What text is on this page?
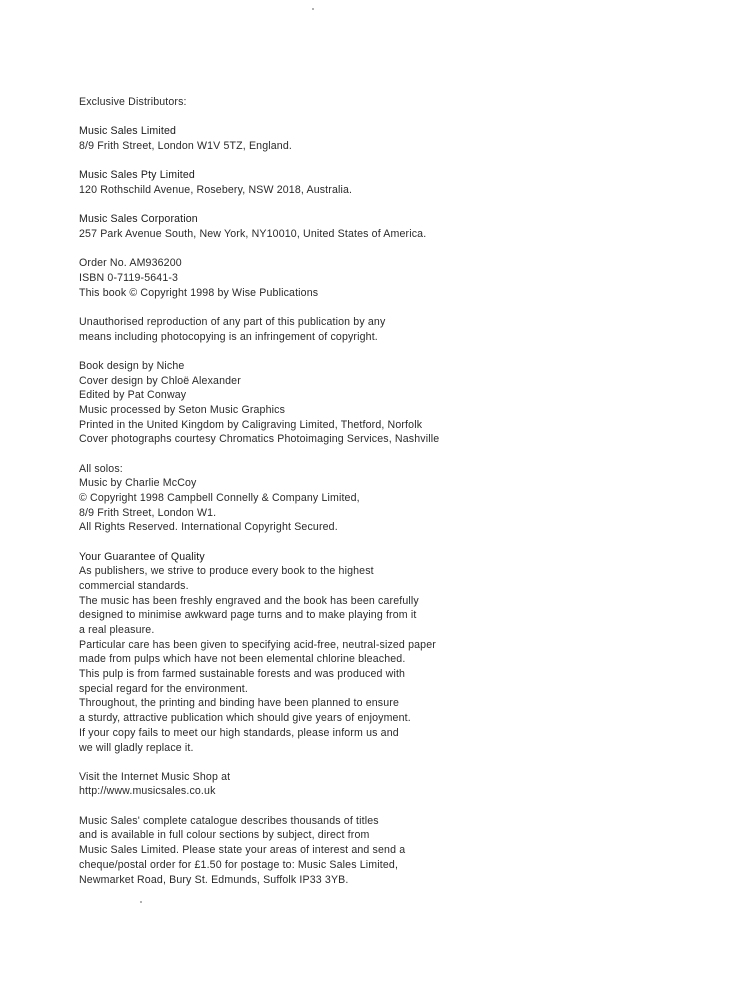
Exclusive Distributors:
Music Sales Limited
8/9 Frith Street, London W1V 5TZ, England.
Music Sales Pty Limited
120 Rothschild Avenue, Rosebery, NSW 2018, Australia.
Music Sales Corporation
257 Park Avenue South, New York, NY10010, United States of America.
Order No. AM936200
ISBN 0-7119-5641-3
This book © Copyright 1998 by Wise Publications
Unauthorised reproduction of any part of this publication by any
means including photocopying is an infringement of copyright.
Book design by Niche
Cover design by Chloë Alexander
Edited by Pat Conway
Music processed by Seton Music Graphics
Printed in the United Kingdom by Caligraving Limited, Thetford, Norfolk
Cover photographs courtesy Chromatics Photoimaging Services, Nashville
All solos:
Music by Charlie McCoy
© Copyright 1998 Campbell Connelly & Company Limited,
8/9 Frith Street, London W1.
All Rights Reserved. International Copyright Secured.
Your Guarantee of Quality
As publishers, we strive to produce every book to the highest
commercial standards.
The music has been freshly engraved and the book has been carefully
designed to minimise awkward page turns and to make playing from it
a real pleasure.
Particular care has been given to specifying acid-free, neutral-sized paper
made from pulps which have not been elemental chlorine bleached.
This pulp is from farmed sustainable forests and was produced with
special regard for the environment.
Throughout, the printing and binding have been planned to ensure
a sturdy, attractive publication which should give years of enjoyment.
If your copy fails to meet our high standards, please inform us and
we will gladly replace it.
Visit the Internet Music Shop at
http://www.musicsales.co.uk
Music Sales' complete catalogue describes thousands of titles
and is available in full colour sections by subject, direct from
Music Sales Limited. Please state your areas of interest and send a
cheque/postal order for £1.50 for postage to: Music Sales Limited,
Newmarket Road, Bury St. Edmunds, Suffolk IP33 3YB.
